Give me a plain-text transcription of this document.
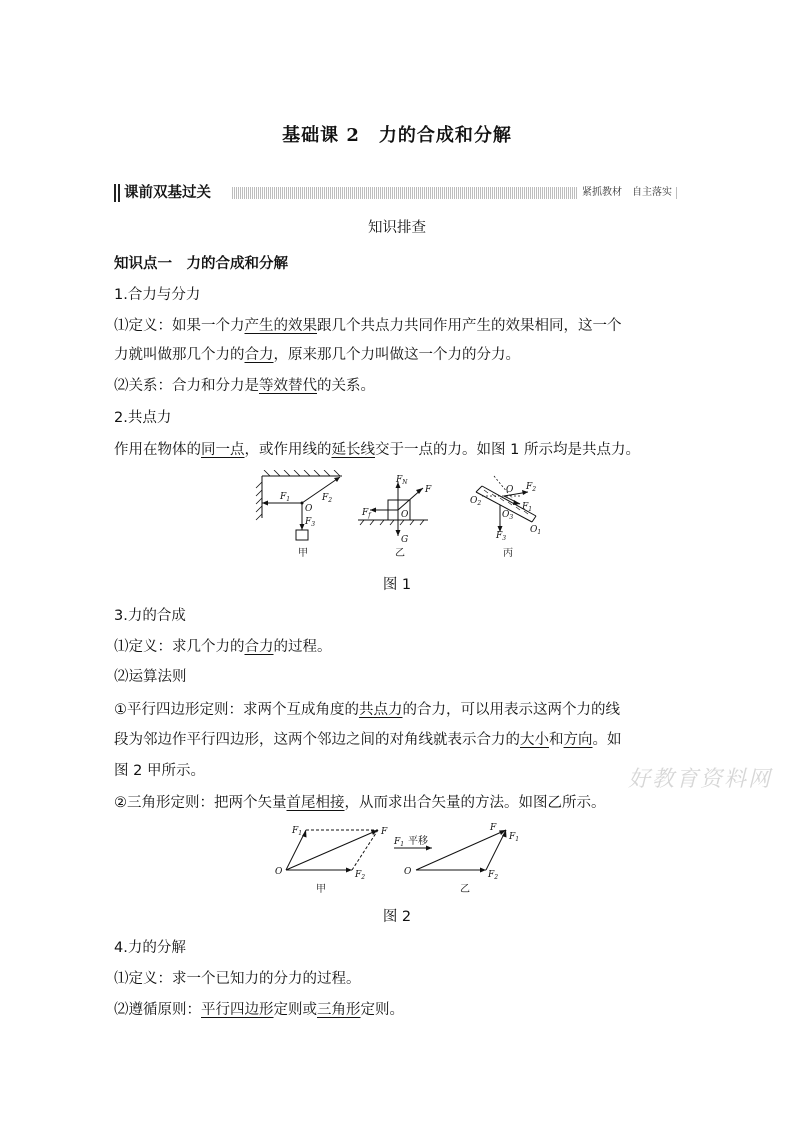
基础课 2　力的合成和分解
课前双基过关	紧抓教材　自主落实
知识排查
知识点一　力的合成和分解
1.合力与分力
⑴定义：如果一个力产生的效果跟几个共点力共同作用产生的效果相同，这一个
力就叫做那几个力的合力，原来那几个力叫做这一个力的分力。
⑵关系：合力和分力是等效替代的关系。
2.共点力
作用在物体的同一点，或作用线的延长线交于一点的力。如图 1 所示均是共点力。
$F_1$	$F_2$
O
$F_3$
$F_N$
F
$F_f$	O
G
$F_2$
$F_1$
O
$O_2$
$O_3$
$O_1$
$F_3$
甲	乙	丙
图 1
3.力的合成
⑴定义：求几个力的合力的过程。
⑵运算法则
①平行四边形定则：求两个互成角度的共点力的合力，可以用表示这两个力的线
段为邻边作平行四边形，这两个邻边之间的对角线就表示合力的大小和方向。如
图 2 甲所示。
②三角形定则：把两个矢量首尾相接，从而求出合矢量的方法。如图乙所示。
好教育资料网
$F_1$	F
O	$F_2$
$F_1$
O
F
$F_1$
$F_2$
平移
甲	乙
图 2
4.力的分解
⑴定义：求一个已知力的分力的过程。
⑵遵循原则：平行四边形定则或三角形定则。
